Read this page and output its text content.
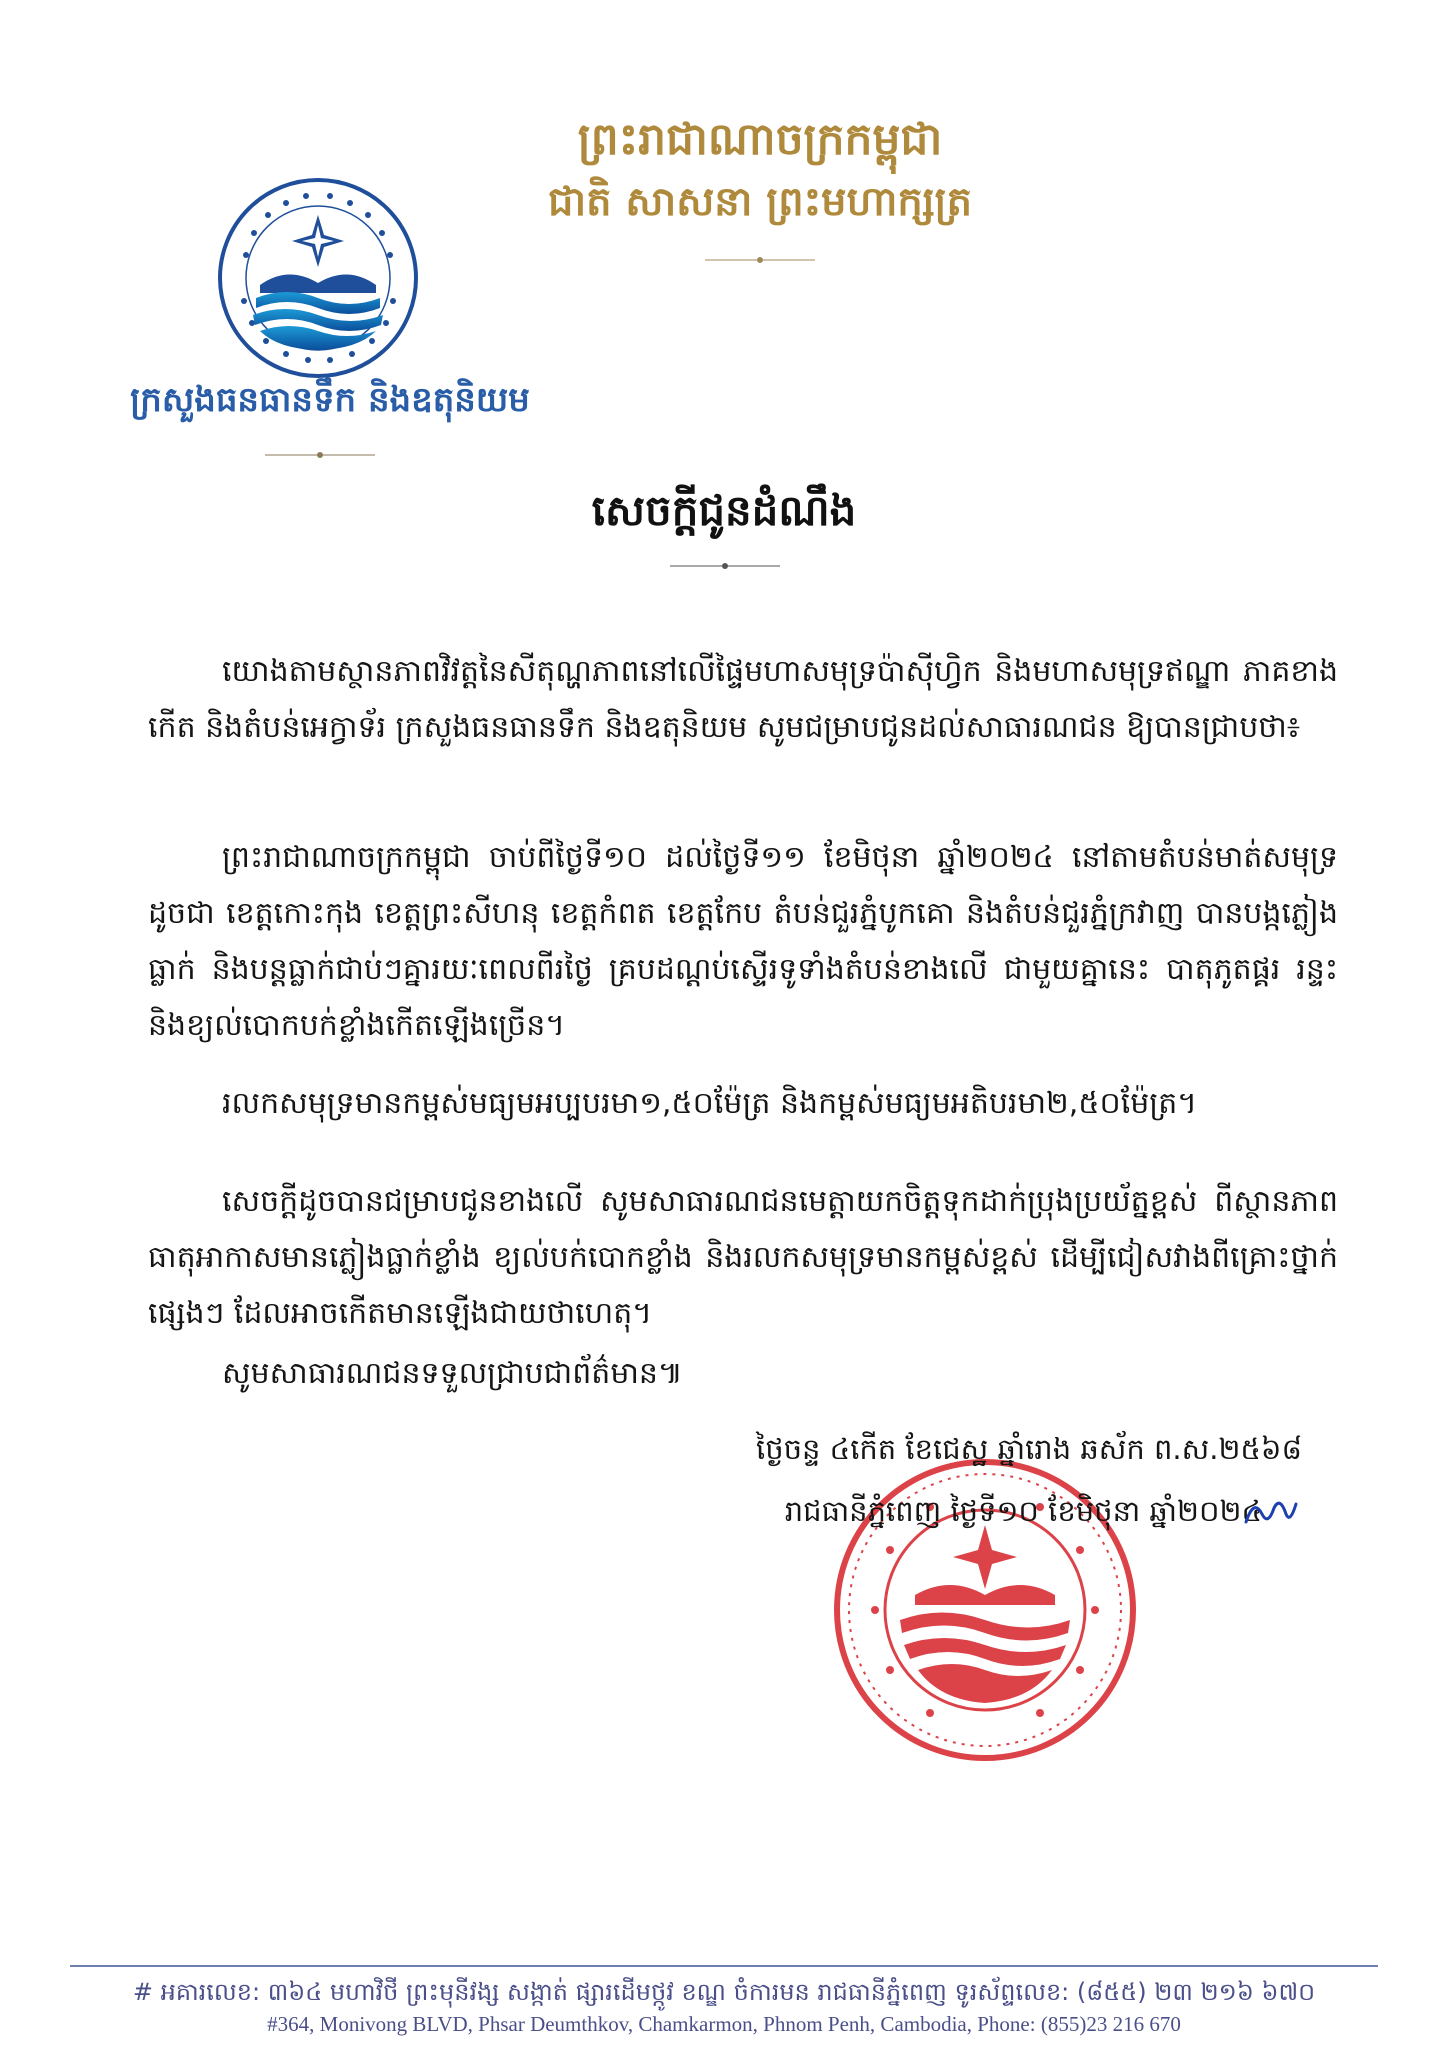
ក្រសួងធនធានទឹក និងឧតុនិយម
ព្រះរាជាណាចក្រកម្ពុជា
ជាតិ សាសនា ព្រះមហាក្សត្រ
សេចក្តីជូនដំណឹង

យោងតាមស្ថានភាពវិវត្តនៃសីតុណ្ហភាពនៅលើផ្ទៃមហាសមុទ្រប៉ាស៊ីហ្វិក និងមហាសមុទ្រឥណ្ឌា ភាគខាងកើត និងតំបន់អេក្វាទ័រ ក្រសួងធនធានទឹក និងឧតុនិយម សូមជម្រាបជូនដល់សាធារណជន ឱ្យបានជ្រាបថា៖

ព្រះរាជាណាចក្រកម្ពុជា ចាប់ពីថ្ងៃទី១០ ដល់ថ្ងៃទី១១ ខែមិថុនា ឆ្នាំ២០២៤ នៅតាមតំបន់មាត់សមុទ្រដូចជា ខេត្តកោះកុង ខេត្តព្រះសីហនុ ខេត្តកំពត ខេត្តកែប តំបន់ជួរភ្នំបូកគោ និងតំបន់ជួរភ្នំក្រវាញ បានបង្កភ្លៀងធ្លាក់ និងបន្តធ្លាក់ជាប់ៗគ្នារយៈពេលពីរថ្ងៃ គ្របដណ្តប់ស្ទើរទូទាំងតំបន់ខាងលើ ជាមួយគ្នានេះ បាតុភូតផ្គរ រន្ទះ និងខ្យល់បោកបក់ខ្លាំងកើតឡើងច្រើន។

រលកសមុទ្រមានកម្ពស់មធ្យមអប្បបរមា១,៥០ម៉ែត្រ និងកម្ពស់មធ្យមអតិបរមា២,៥០ម៉ែត្រ។

សេចក្តីដូចបានជម្រាបជូនខាងលើ សូមសាធារណជនមេត្តាយកចិត្តទុកដាក់ប្រុងប្រយ័ត្នខ្ពស់ ពីស្ថានភាពធាតុអាកាសមានភ្លៀងធ្លាក់ខ្លាំង ខ្យល់បក់បោកខ្លាំង និងរលកសមុទ្រមានកម្ពស់ខ្ពស់ ដើម្បីជៀសវាងពីគ្រោះថ្នាក់ផ្សេងៗ ដែលអាចកើតមានឡើងជាយថាហេតុ។

សូមសាធារណជនទទួលជ្រាបជាព័ត៌មាន៕

ថ្ងៃចន្ទ ៤កើត ខែជេស្ឋ ឆ្នាំរោង ឆស័ក ព.ស.២៥៦៨
រាជធានីភ្នំពេញ ថ្ងៃទី១០ ខែមិថុនា ឆ្នាំ២០២៤
# អគារលេខ: ៣៦៤ មហាវិថី ព្រះមុនីវង្ស សង្កាត់ ផ្សារដើមថ្កូវ ខណ្ឌ ចំការមន រាជធានីភ្នំពេញ ទូរស័ព្ទលេខ: (៨៥៥) ២៣ ២១៦ ៦៧០
#364, Monivong BLVD, Phsar Deumthkov, Chamkarmon, Phnom Penh, Cambodia, Phone: (855)23 216 670
